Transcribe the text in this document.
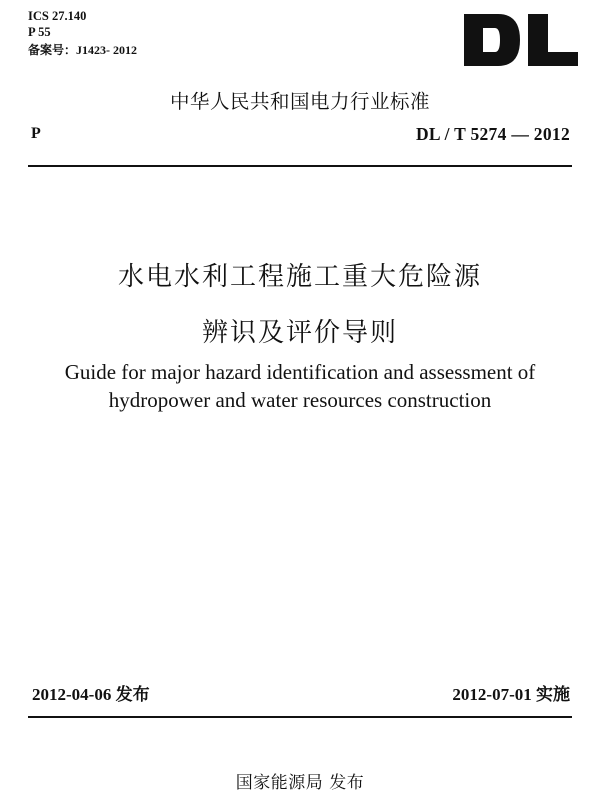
ICS 27.140
P 55
备案号：J1423- 2012
中华人民共和国电力行业标准
P	DL / T 5274 — 2012
水电水利工程施工重大危险源
辨识及评价导则
Guide for major hazard identification and assessment of
hydropower and water resources construction
2012-04-06 发布	2012-07-01 实施
国家能源局 发布
